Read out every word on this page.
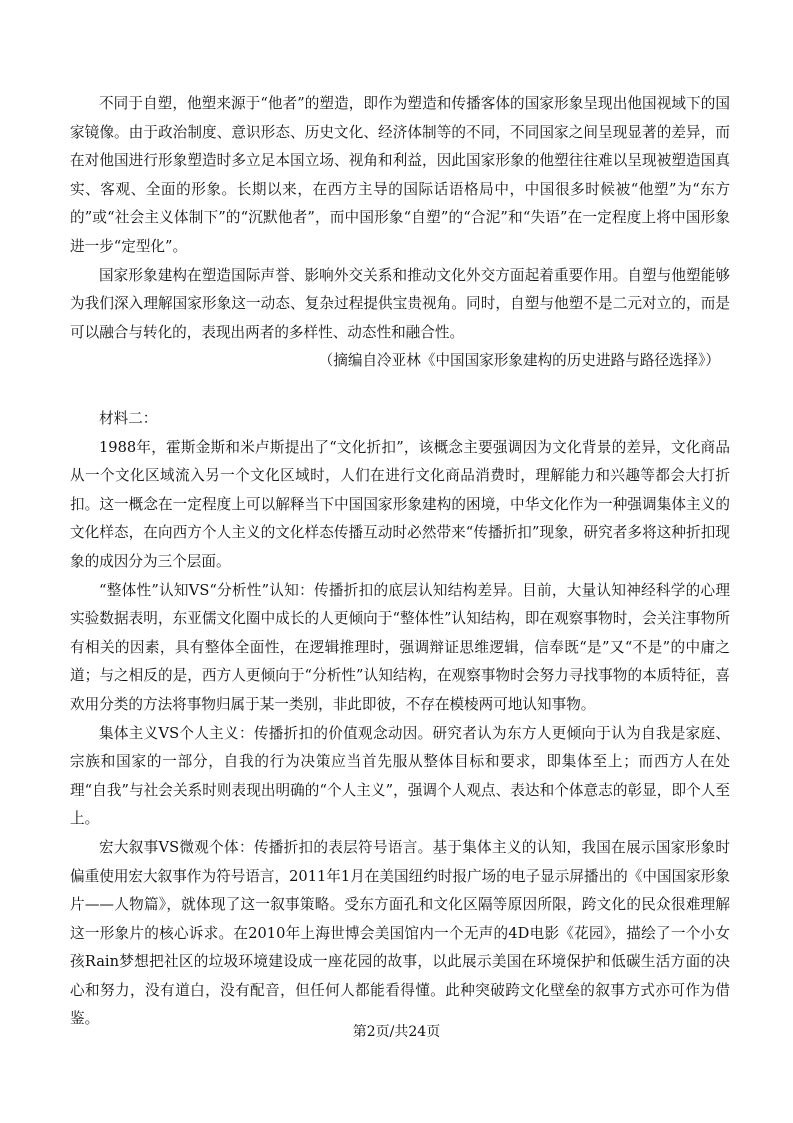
不同于自塑，他塑来源于“他者”的塑造，即作为塑造和传播客体的国家形象呈现出他国视域下的国家镜像。由于政治制度、意识形态、历史文化、经济体制等的不同，不同国家之间呈现显著的差异，而在对他国进行形象塑造时多立足本国立场、视角和利益，因此国家形象的他塑往往难以呈现被塑造国真实、客观、全面的形象。长期以来，在西方主导的国际话语格局中，中国很多时候被“他塑”为“东方的”或“社会主义体制下”的“沉默他者”，而中国形象“自塑”的“合泥”和“失语”在一定程度上将中国形象进一步“定型化”。

国家形象建构在塑造国际声誉、影响外交关系和推动文化外交方面起着重要作用。自塑与他塑能够为我们深入理解国家形象这一动态、复杂过程提供宝贵视角。同时，自塑与他塑不是二元对立的，而是可以融合与转化的，表现出两者的多样性、动态性和融合性。

（摘编自冷亚林《中国国家形象建构的历史进路与路径选择》）

材料二：

1988年，霍斯金斯和米卢斯提出了“文化折扣”，该概念主要强调因为文化背景的差异，文化商品从一个文化区域流入另一个文化区域时，人们在进行文化商品消费时，理解能力和兴趣等都会大打折扣。这一概念在一定程度上可以解释当下中国国家形象建构的困境，中华文化作为一种强调集体主义的文化样态，在向西方个人主义的文化样态传播互动时必然带来“传播折扣”现象，研究者多将这种折扣现象的成因分为三个层面。

“整体性”认知VS“分析性”认知：传播折扣的底层认知结构差异。目前，大量认知神经科学的心理实验数据表明，东亚儒文化圈中成长的人更倾向于“整体性”认知结构，即在观察事物时，会关注事物所有相关的因素，具有整体全面性，在逻辑推理时，强调辩证思维逻辑，信奉既“是”又“不是”的中庸之道；与之相反的是，西方人更倾向于“分析性”认知结构，在观察事物时会努力寻找事物的本质特征，喜欢用分类的方法将事物归属于某一类别，非此即彼，不存在模棱两可地认知事物。

集体主义VS个人主义：传播折扣的价值观念动因。研究者认为东方人更倾向于认为自我是家庭、宗族和国家的一部分，自我的行为决策应当首先服从整体目标和要求，即集体至上；而西方人在处理“自我”与社会关系时则表现出明确的“个人主义”，强调个人观点、表达和个体意志的彰显，即个人至上。

宏大叙事VS微观个体：传播折扣的表层符号语言。基于集体主义的认知，我国在展示国家形象时偏重使用宏大叙事作为符号语言，2011年1月在美国纽约时报广场的电子显示屏播出的《中国国家形象片——人物篇》，就体现了这一叙事策略。受东方面孔和文化区隔等原因所限，跨文化的民众很难理解这一形象片的核心诉求。在2010年上海世博会美国馆内一个无声的4D电影《花园》，描绘了一个小女孩Rain梦想把社区的垃圾环境建设成一座花园的故事，以此展示美国在环境保护和低碳生活方面的决心和努力，没有道白，没有配音，但任何人都能看得懂。此种突破跨文化壁垒的叙事方式亦可作为借鉴。

第2页/共24页
